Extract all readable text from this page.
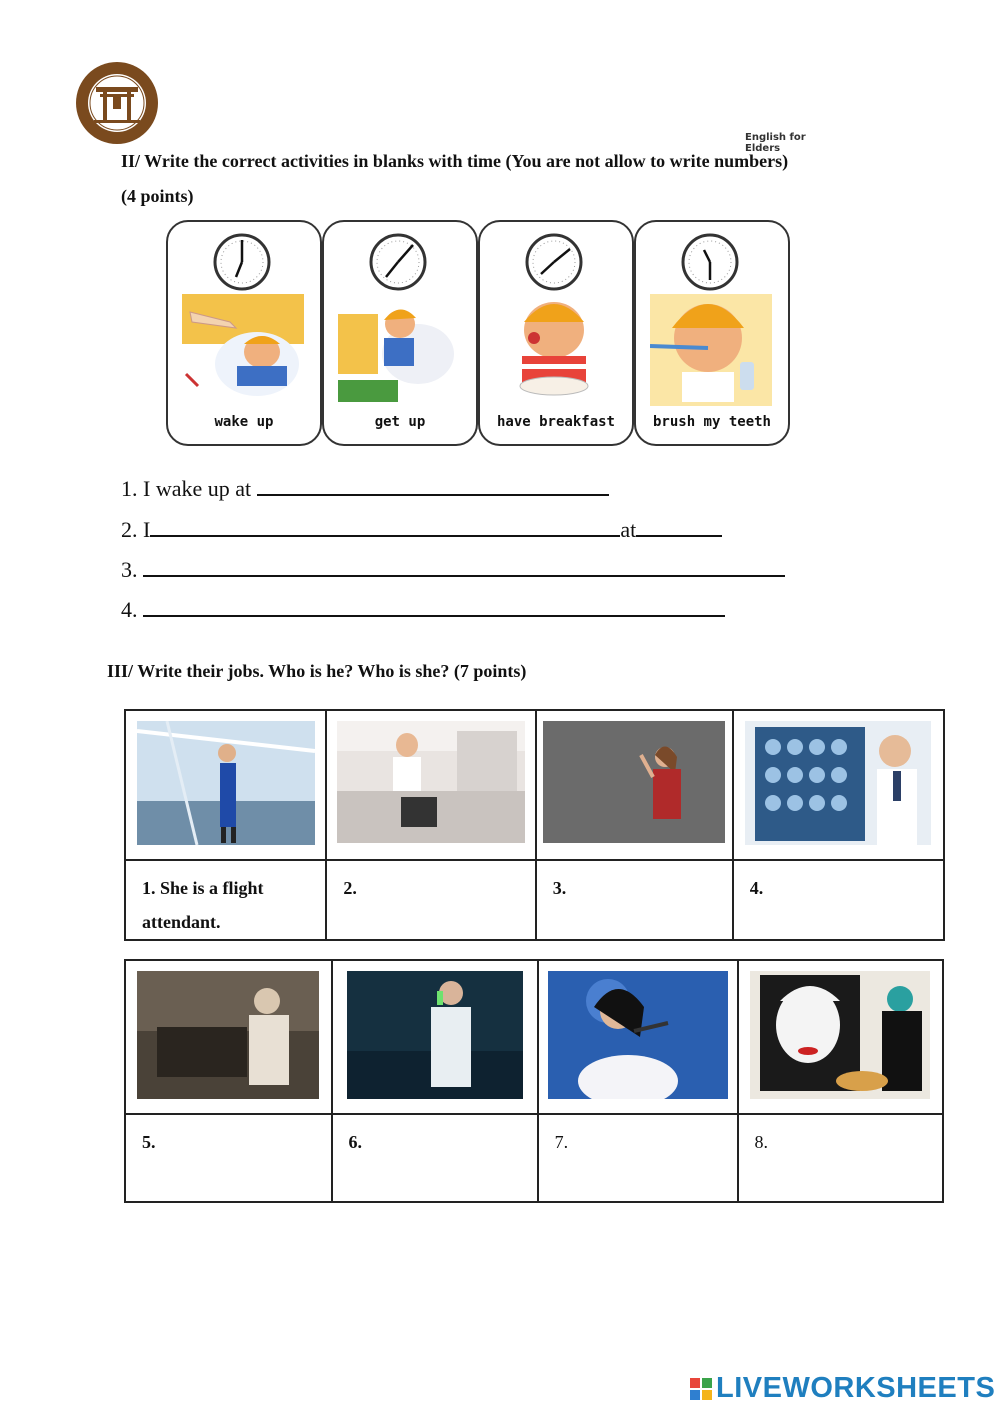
English for Elders
II/ Write the correct activities in blanks with time (You are not allow to write numbers)
(4 points)
wake up	get up	have breakfast	brush my teeth
1. I wake up at
2. I	at
3.
4.
III/ Write their jobs. Who is he? Who is she? (7 points)

1. She is a flight attendant.	2.	3.	4.

5.	6.	7.	8.
LIVEWORKSHEETS
